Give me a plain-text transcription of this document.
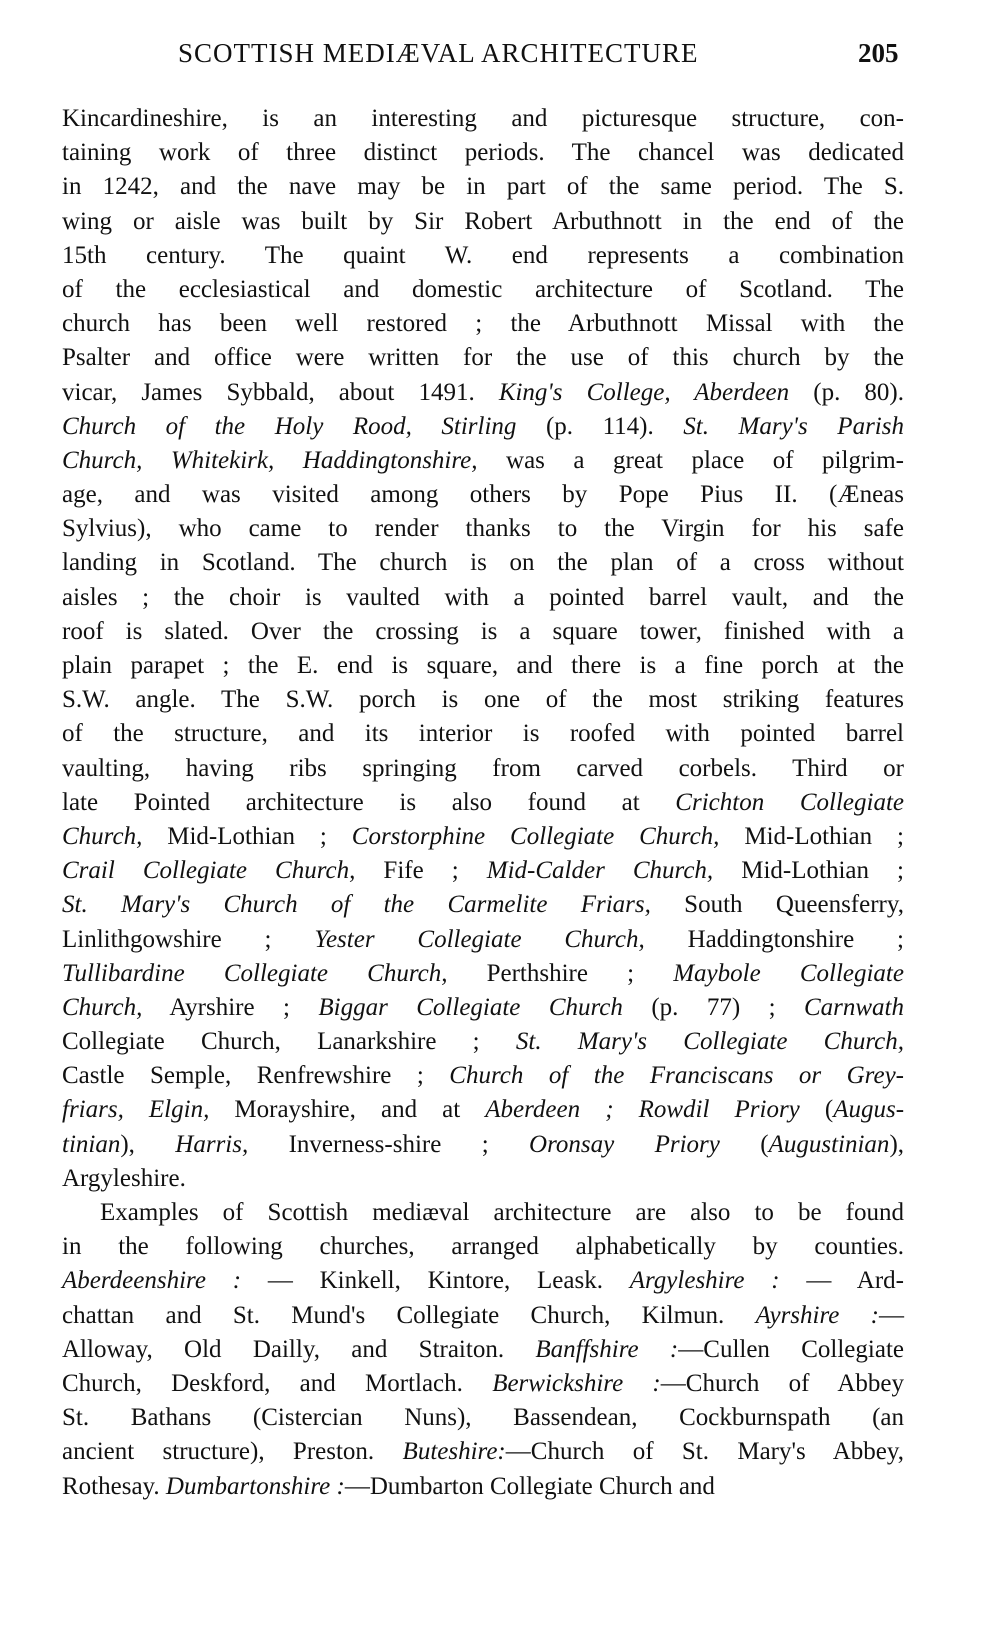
SCOTTISH MEDIÆVAL ARCHITECTURE	205
Kincardineshire, is an interesting and picturesque structure, con-
taining work of three distinct periods. The chancel was dedicated
in 1242, and the nave may be in part of the same period. The S.
wing or aisle was built by Sir Robert Arbuthnott in the end of the
15th century. The quaint W. end represents a combination
of the ecclesiastical and domestic architecture of Scotland. The
church has been well restored ; the Arbuthnott Missal with the
Psalter and office were written for the use of this church by the
vicar, James Sybbald, about 1491. King's College, Aberdeen (p. 80).
Church of the Holy Rood, Stirling (p. 114). St. Mary's Parish
Church, Whitekirk, Haddingtonshire, was a great place of pilgrim-
age, and was visited among others by Pope Pius II. (Æneas
Sylvius), who came to render thanks to the Virgin for his safe
landing in Scotland. The church is on the plan of a cross without
aisles ; the choir is vaulted with a pointed barrel vault, and the
roof is slated. Over the crossing is a square tower, finished with a
plain parapet ; the E. end is square, and there is a fine porch at the
S.W. angle. The S.W. porch is one of the most striking features
of the structure, and its interior is roofed with pointed barrel
vaulting, having ribs springing from carved corbels. Third or
late Pointed architecture is also found at Crichton Collegiate
Church, Mid-Lothian ; Corstorphine Collegiate Church, Mid-Lothian ;
Crail Collegiate Church, Fife ; Mid-Calder Church, Mid-Lothian ;
St. Mary's Church of the Carmelite Friars, South Queensferry,
Linlithgowshire ; Yester Collegiate Church, Haddingtonshire ;
Tullibardine Collegiate Church, Perthshire ; Maybole Collegiate
Church, Ayrshire ; Biggar Collegiate Church (p. 77) ; Carnwath
Collegiate Church, Lanarkshire ; St. Mary's Collegiate Church,
Castle Semple, Renfrewshire ; Church of the Franciscans or Grey-
friars, Elgin, Morayshire, and at Aberdeen ; Rowdil Priory (Augus-
tinian), Harris, Inverness-shire ; Oronsay Priory (Augustinian),
Argyleshire.
Examples of Scottish mediæval architecture are also to be found
in the following churches, arranged alphabetically by counties.
Aberdeenshire : — Kinkell, Kintore, Leask. Argyleshire : — Ard-
chattan and St. Mund's Collegiate Church, Kilmun. Ayrshire :—
Alloway, Old Dailly, and Straiton. Banffshire :—Cullen Collegiate
Church, Deskford, and Mortlach. Berwickshire :—Church of Abbey
St. Bathans (Cistercian Nuns), Bassendean, Cockburnspath (an
ancient structure), Preston. Buteshire:—Church of St. Mary's Abbey,
Rothesay. Dumbartonshire :—Dumbarton Collegiate Church and
